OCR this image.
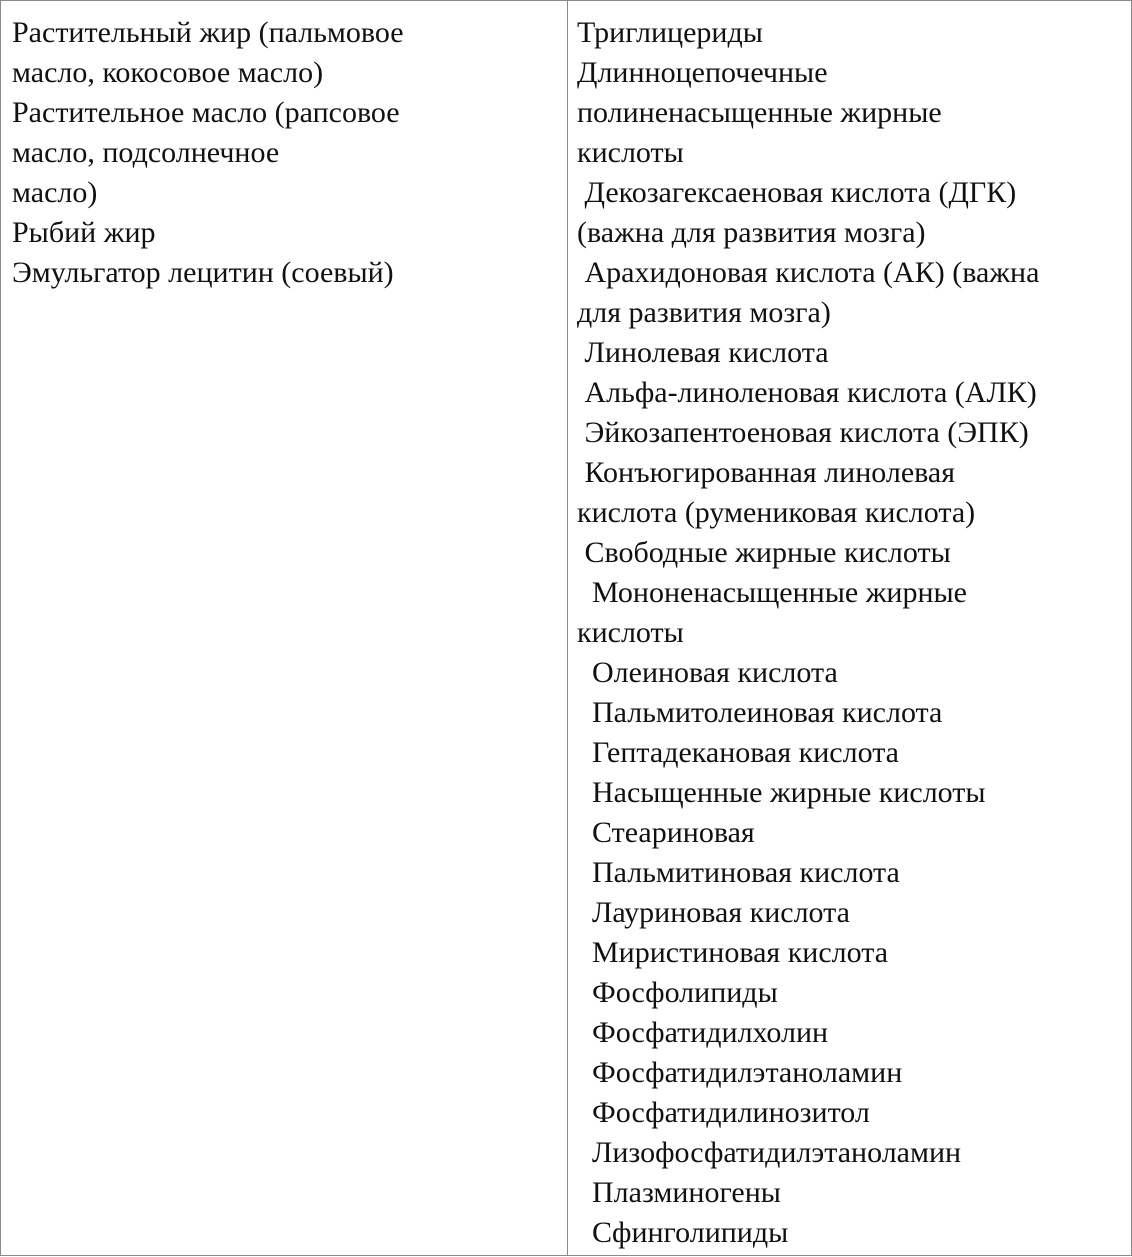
Растительный жир (пальмовое
масло, кокосовое масло)
Растительное масло (рапсовое
масло, подсолнечное
масло)
Рыбий жир
Эмульгатор лецитин (соевый)

Триглицериды
Длинноцепочечные
полиненасыщенные жирные
кислоты
Декозагексаеновая кислота (ДГК)
(важна для развития мозга)
Арахидоновая кислота (АК) (важна
для развития мозга)
Линолевая кислота
Альфа-линоленовая кислота (АЛК)
Эйкозапентоеновая кислота (ЭПК)
Конъюгированная линолевая
кислота (румениковая кислота)
Свободные жирные кислоты
Мононенасыщенные жирные
кислоты
Олеиновая кислота
Пальмитолеиновая кислота
Гептадекановая кислота
Насыщенные жирные кислоты
Стеариновая
Пальмитиновая кислота
Лауриновая кислота
Миристиновая кислота
Фосфолипиды
Фосфатидилхолин
Фосфатидилэтаноламин
Фосфатидилинозитол
Лизофосфатидилэтаноламин
Плазминогены
Сфинголипиды
